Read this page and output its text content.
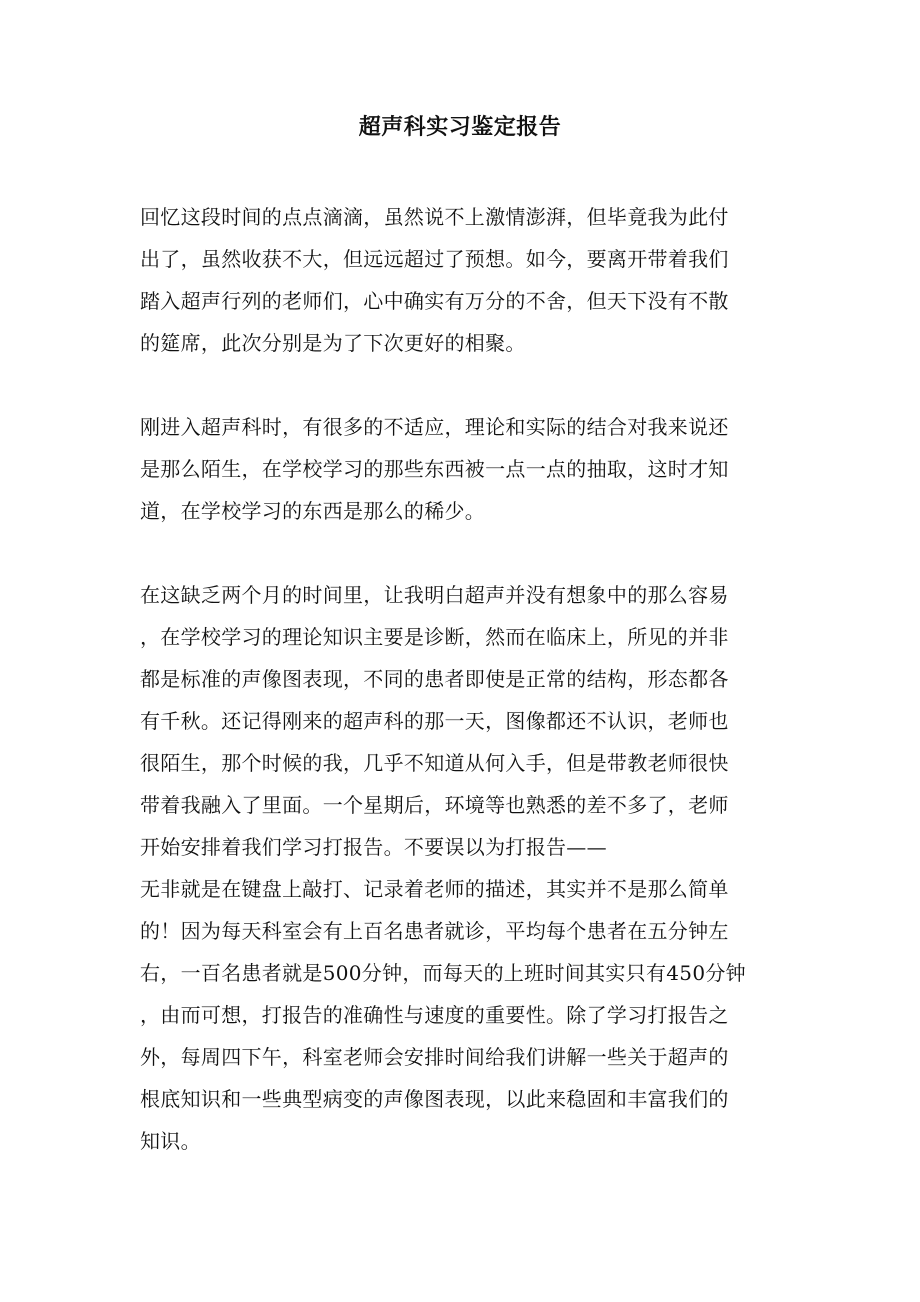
超声科实习鉴定报告
回忆这段时间的点点滴滴，虽然说不上激情澎湃，但毕竟我为此付
出了，虽然收获不大，但远远超过了预想。如今，要离开带着我们
踏入超声行列的老师们，心中确实有万分的不舍，但天下没有不散
的筵席，此次分别是为了下次更好的相聚。
刚进入超声科时，有很多的不适应，理论和实际的结合对我来说还
是那么陌生，在学校学习的那些东西被一点一点的抽取，这时才知
道，在学校学习的东西是那么的稀少。
在这缺乏两个月的时间里，让我明白超声并没有想象中的那么容易
，在学校学习的理论知识主要是诊断，然而在临床上，所见的并非
都是标准的声像图表现，不同的患者即使是正常的结构，形态都各
有千秋。还记得刚来的超声科的那一天，图像都还不认识，老师也
很陌生，那个时候的我，几乎不知道从何入手，但是带教老师很快
带着我融入了里面。一个星期后，环境等也熟悉的差不多了，老师
开始安排着我们学习打报告。不要误以为打报告——
无非就是在键盘上敲打、记录着老师的描述，其实并不是那么简单
的！因为每天科室会有上百名患者就诊，平均每个患者在五分钟左
右，一百名患者就是500分钟，而每天的上班时间其实只有450分钟
，由而可想，打报告的准确性与速度的重要性。除了学习打报告之
外，每周四下午，科室老师会安排时间给我们讲解一些关于超声的
根底知识和一些典型病变的声像图表现，以此来稳固和丰富我们的
知识。
